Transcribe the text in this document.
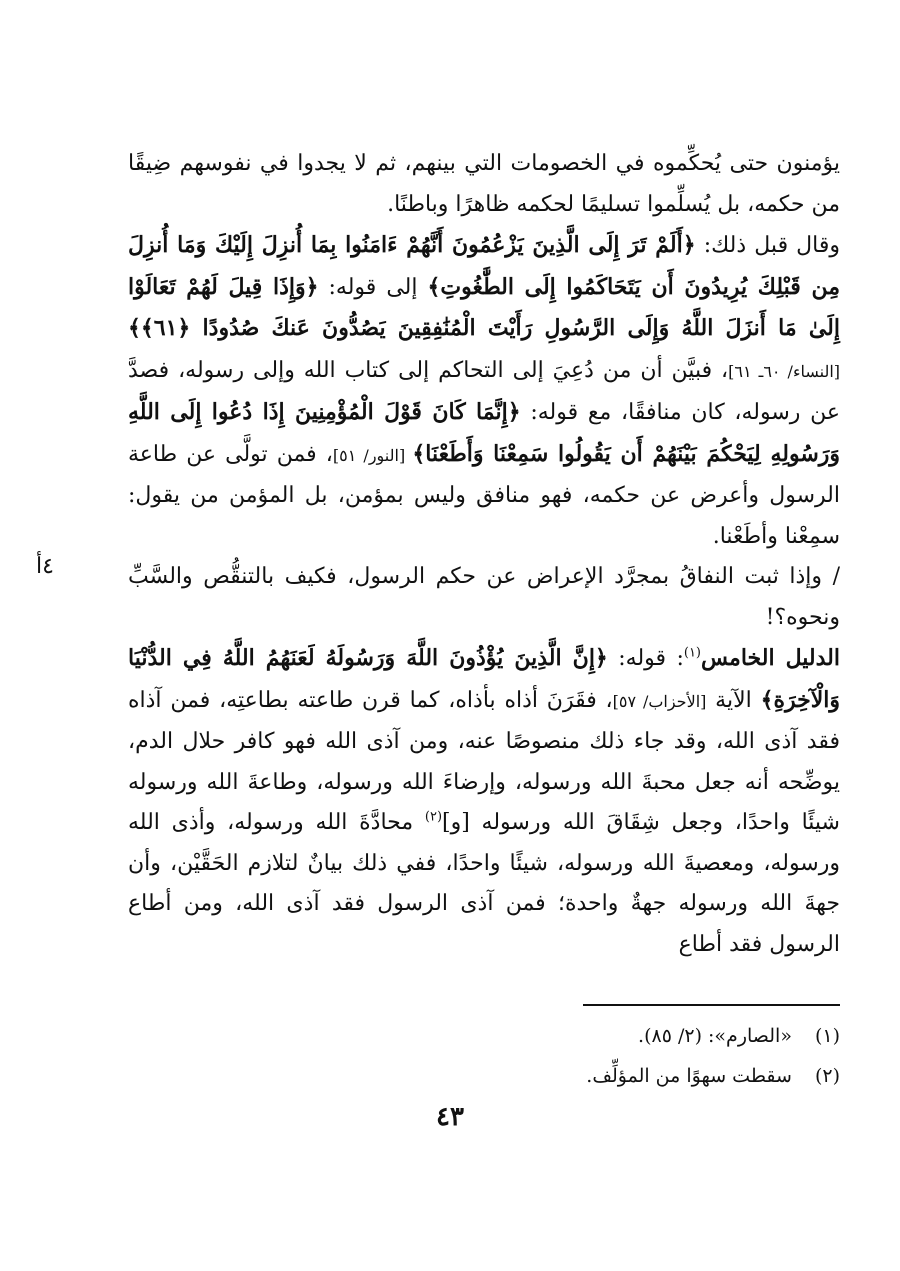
يؤمنون حتى يُحكِّموه في الخصومات التي بينهم، ثم لا يجدوا في نفوسهم ضِيقًا من حكمه، بل يُسلِّموا تسليمًا لحكمه ظاهرًا وباطنًا.

وقال قبل ذلك: ﴿أَلَمْ تَرَ إِلَى الَّذِينَ يَزْعُمُونَ أَنَّهُمْ ءَامَنُوا بِمَا أُنزِلَ إِلَيْكَ وَمَا أُنزِلَ مِن قَبْلِكَ يُرِيدُونَ أَن يَتَحَاكَمُوا إِلَى الطَّٰغُوتِ﴾ إلى قوله: ﴿وَإِذَا قِيلَ لَهُمْ تَعَالَوْا إِلَىٰ مَا أَنزَلَ اللَّهُ وَإِلَى الرَّسُولِ رَأَيْتَ الْمُنَٰفِقِينَ يَصُدُّونَ عَنكَ صُدُودًا ﴿٦١﴾﴾ [النساء/ ٦٠ـ ٦١]، فبيَّن أن من دُعِيَ إلى التحاكم إلى كتاب الله وإلى رسوله، فصدَّ عن رسوله، كان منافقًا، مع قوله: ﴿إِنَّمَا كَانَ قَوْلَ الْمُؤْمِنِينَ إِذَا دُعُوا إِلَى اللَّهِ وَرَسُولِهِ لِيَحْكُمَ بَيْنَهُمْ أَن يَقُولُوا سَمِعْنَا وَأَطَعْنَا﴾ [النور/ ٥١]، فمن تولَّى عن طاعة الرسول وأعرض عن حكمه، فهو منافق وليس بمؤمن، بل المؤمن من يقول: سمِعْنا وأطَعْنا.

/ وإذا ثبت النفاقُ بمجرَّد الإعراض عن حكم الرسول، فكيف بالتنقُّص والسَّبِّ ونحوه؟!

الدليل الخامس$^{(١)}$: قوله: ﴿إِنَّ الَّذِينَ يُؤْذُونَ اللَّهَ وَرَسُولَهُ لَعَنَهُمُ اللَّهُ فِي الدُّنْيَا وَالْآخِرَةِ﴾ الآية [الأحزاب/ ٥٧]، فقَرَنَ أذاه بأذاه، كما قرن طاعته بطاعتِه، فمن آذاه فقد آذى الله، وقد جاء ذلك منصوصًا عنه، ومن آذى الله فهو كافر حلال الدم، يوضِّحه أنه جعل محبةَ الله ورسوله، وإرضاءَ الله ورسوله، وطاعةَ الله ورسوله شيئًا واحدًا، وجعل شِقَاقَ الله ورسوله [و]$^{(٢)}$ محادَّةَ الله ورسوله، وأذى الله ورسوله، ومعصيةَ الله ورسوله، شيئًا واحدًا، ففي ذلك بيانٌ لتلازم الحَقَّيْن، وأن جهةَ الله ورسوله جهةٌ واحدة؛ فمن آذى الرسول فقد آذى الله، ومن أطاع الرسول فقد أطاع

٤أ
(١) «الصارم»: (٢/ ٨٥).
(٢) سقطت سهوًا من المؤلِّف.
٤٣
